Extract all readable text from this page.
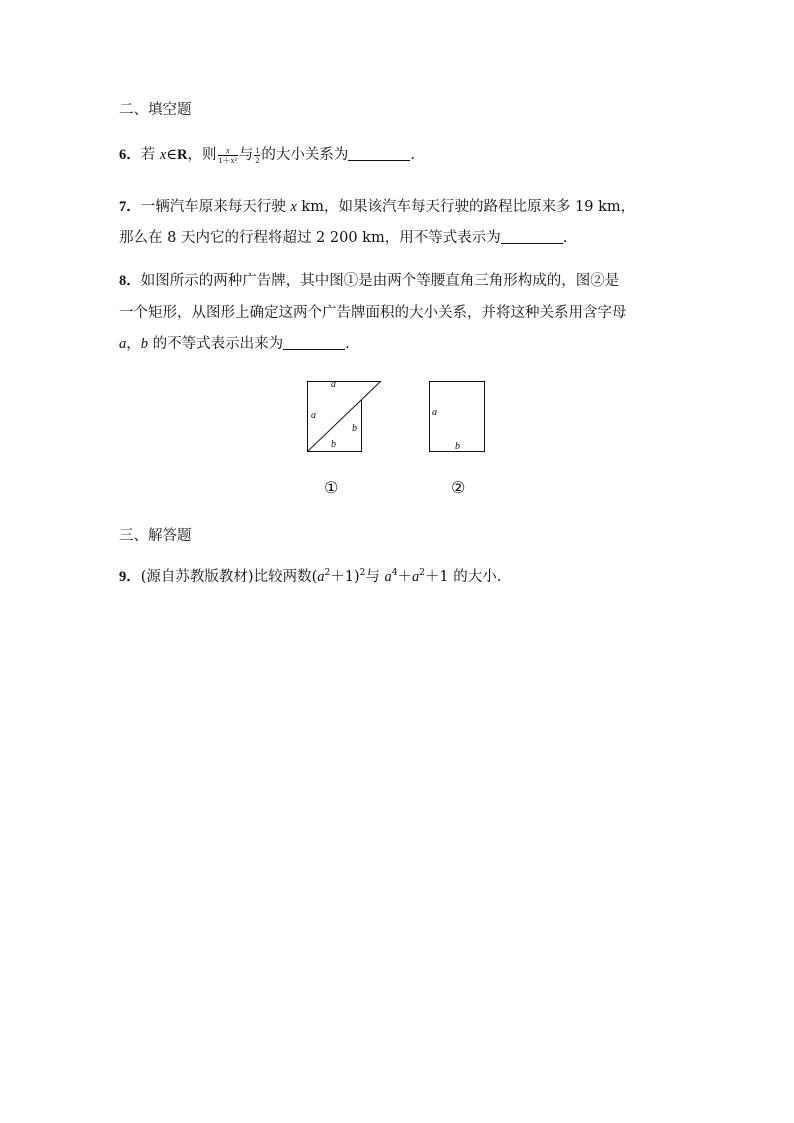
二、填空题
6．若 x∈R，则 $\frac{x}{\text{1＋x²}}$ 与 $\frac{1}{2}$ 的大小关系为	.
7．一辆汽车原来每天行驶 x km，如果该汽车每天行驶的路程比原来多 19 km，
那么在 8 天内它的行程将超过 2 200 km，用不等式表示为	.
8．如图所示的两种广告牌，其中图①是由两个等腰直角三角形构成的，图②是
一个矩形，从图形上确定这两个广告牌面积的大小关系，并将这种关系用含字母
a，b 的不等式表示出来为	.
a
a
b
b
a
b
①	②
三、解答题
9．(源自苏教版教材)比较两数$(a^2+1)^2$与 $a^4+a^2+1$ 的大小.
